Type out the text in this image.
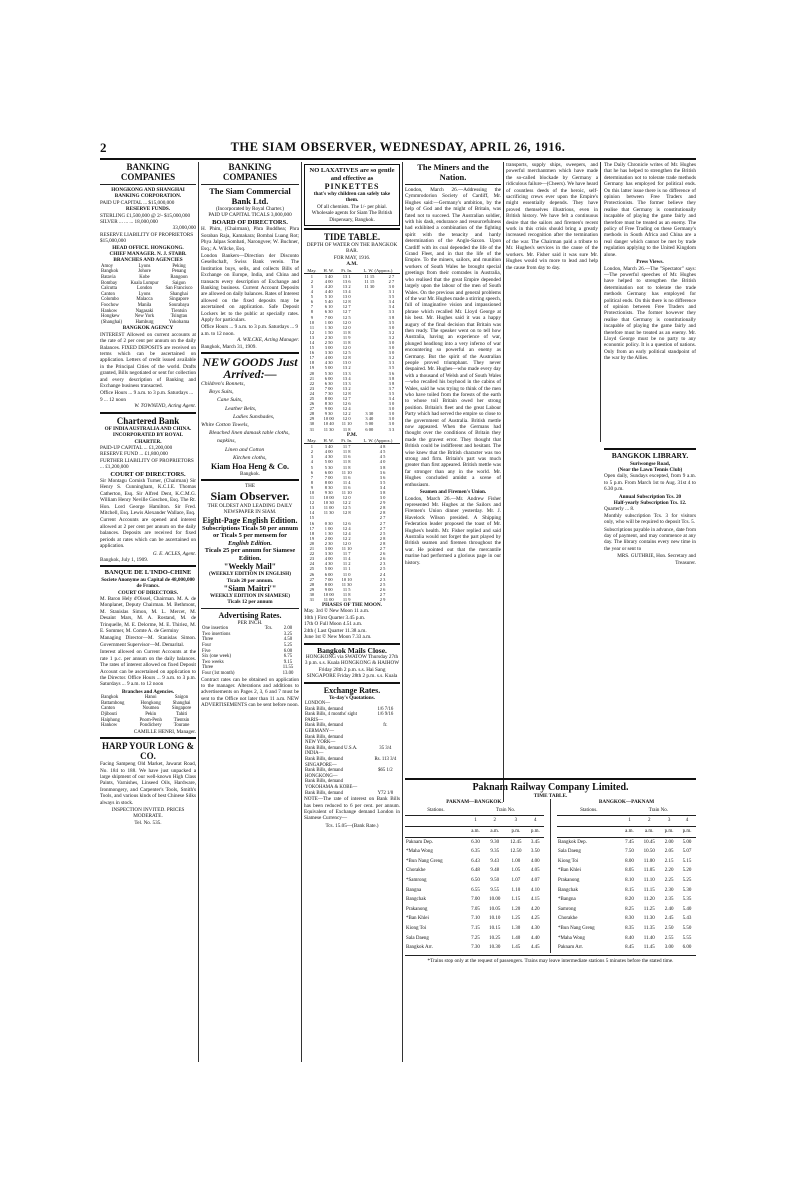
2	THE SIAM OBSERVER, WEDNESDAY, APRIL 26, 1916.
BANKING COMPANIES
HONGKONG AND SHANGHAI BANKING CORPORATION.
PAID UP CAPITAL ... $15,000,000
RESERVE FUNDS.
STERLING £1,500,000 @ 2/- $15,000,000
SILVER ... ... ... 18,000,000
33,000,000
RESERVE LIABILITY OF PROPRIETORS $15,000,000
HEAD OFFICE. HONGKONG.
CHIEF MANAGER. N. J. STABB.
BRANCHES AND AGENCIES
Amoy	Lyons	Peking
Bangkok	Johore	Penang
Batavia	Kobe	Rangoon
Bombay	Kuala Lumpur	Saigon
Calcutta	London	San Francisco
Canton	Lyons	Shanghai
Colombo	Malacca	Singapore
Foochow	Manila	Sourabaya
Hankow	Nagasaki	Tientsin
Hongkew	New York	Tsingtau
(Shanghai)	Hamburg	Yokohama
BANGKOK AGENCY

INTEREST Allowed on current accounts at the rate of 2 per cent per annum on the daily Balances. FIXED DEPOSITS are received on terms which can be ascertained on application. Letters of credit issued available in the Principal Cities of the world. Drafts granted, Bills negotiated or sent for collection and every description of Banking and Exchange business transacted.

Office Hours ... 9 a.m. to 3 p.m. Saturdays ... 9 ... 12 noon
W. TOWNEND, Acting Agent.
Chartered Bank
OF INDIA AUSTRALIA AND CHINA.
INCORPORATED BY ROYAL CHARTER.
PAID-UP CAPITAL ... £1,200,000
RESERVE FUND ... £1,800,000
FURTHER LIABILITY OF PROPRIETORS ... £1,200,000
COURT OF DIRECTORS.

Sir Montagu Cornish Turner, (Chairman) Sir Henry S. Cunningham, K.C.I.E. Thomas Catherton, Esq. Sir Alfred Dent, K.C.M.G. William Henry Neville Goschen, Esq. The Rt. Hon. Lord George Hamilton. Sir Fred. Mitchell, Esq. Lewis Alexander Wallace, Esq.

Current Accounts are opened and interest allowed at 2 per cent per annum on the daily balances. Deposits are received for fixed periods at rates which can be ascertained on application.

G. E. ACLES, Agent.
Bangkok, July 1, 1909.
BANQUE DE L'INDO-CHINE
Societe Anonyme au Capital de 48,000,000 de Francs.
COURT OF DIRECTORS.

M. Baron Hely d'Oissel, Chairman. M. A. de Monplanet, Deputy Chairman. M. Bethmont, M. Stanislas Simon, M. L. Mercet, M. Desaint Mars, M. A. Rostand, M. de Trinquelle, M. E. Delorme, M. E. Thiriez, M. E. Sommer, M. Comte A. de Germiny

Managing Director—M. Stanislas Simon. Government Supervisor—M. Demarital.

Interest allowed on Current Accounts at the rate 1 p.c. per annum on the daily balances. The rates of interest allowed on fixed Deposit Account can be ascertained on application to the Director. Office Hours ... 9 a.m. to 3 p.m. Saturdays ... 9 a.m. to 12 noon

Branches and Agencies.
Bangkok	Hanoi	Saigon
Battambong	Hongkong	Shanghai
Canton	Noumea	Singapore
Djibouti	Pekin	Tahiti
Haiphong	Pnom-Penh	Tientsin
Hankow	Pondichery	Tourane
CAMILLE HENRI, Manager.
HARP YOUR LONG & CO.

Facing Sampeng Old Market, Jawarat Road, No. 184 to 188. We have just unpacked a large shipment of our well-known High Class Paints, Varnishes, Linseed Oils, Hardware, Ironmongery, and Carpenter's Tools, Smith's Tools, and various kinds of best Chinese Silks always in stock.

INSPECTION INVITED. PRICES MODERATE.
Tel. No. 535.
BANKING COMPANIES
The Siam Commercial Bank Ltd.
(Incorporated by Royal Charter.)
PAID UP CAPITAL TICALS 3,000,000
BOARD OF DIRECTORS.

H. Phim, (Chairman), Phra Buddhea; Phra Soraban Raja, Kamakara; Bombai Luang Rot; Phya Jalpas Sombati, Narongvee; W. Buchner, Esq.; A. Wilcke, Esq.

London Bankers—Direction der Disconto Gesellschaft, Swiss Bank verein. The Institution buys, sells, and collects Bills of Exchange on Europe, India, and China and transacts every description of Exchange and Banking business. Current Account Deposits are allowed on daily balances. Rates of Interest allowed on the fixed deposits may be ascertained on application. Safe Deposit Lockers let to the public at specially rates. Apply for particulars.

Office Hours ... 9 a.m. to 3 p.m. Saturdays ... 9 a.m. to 12 noon.
A. WILCKE, Acting Manager.
Bangkok, March 31, 1909.
NEW GOODS Just Arrived:—
Children's Bonnets,
Boys Suits,
Cane Suits,
Leather Belts,
Ladies Sunshades,
White Cotton Towels,
Bleached linen damask table cloths,
napkins,
Linen and Cotton
Kitchen cloths,
Kiam Hoa Heng & Co.
Bangkok.
THE
Siam Observer.
THE OLDEST AND LEADING DAILY NEWSPAPER IN SIAM.
Eight-Page English Edition.
Subscriptions Ticals 50 per annum or Ticals 5 per mensem for
English Edition.
Ticals 25 per annum for Siamese Edition.
"Weekly Mail"
(WEEKLY EDITION IN ENGLISH)
Ticals 20 per annum.
"Siam Maitri'"
WEEKLY EDITION IN SIAMESE)
Ticals 12 per annum
Advertising Rates.
PER INCH.
One insertion	Tcs.	2.00
Two insertions		3.25
Three		4.50
Four		5.25
Five		6.00
Six (one week)		6.75
Two weeks		9.15
Three		11.55
Four (1st month)		13.00

Contract rates can be obtained on application to the manager. Alterations and additions to advertisements on Pages 2, 3, 6 and 7 must be sent to the Office not later than 11 a.m. NEW ADVERTISEMENTS can be sent before noon.

NO LAXATIVES are so gentle and effective as
PINKETTES
that's why children can safely take them.
Of all chemists. The 1/- per phial. Wholesale agents for Siam The British Dispensary, Bangkok.
TIDE TABLE.
DEPTH OF WATER ON THE BANGKOK BAR.
FOR MAY, 1916.
A.M.
May.	H. W.	Ft. In.	L. W. (Approx.)	
1	3 40	13 1	11 15	2 7
2	4 00	13 6	11 15	2 7
3	4 20	13 2	11 30	3 0
4	4 40	13 4		3 1
5	5 10	13 0		3 5
6	5 40	12 8		3 4
7	6 10	12 7		3 4
8	6 30	12 7		3 3
9	7 00	12 5		3 8
10	1 00	12 0		3 5
11	1 30	12 0		3 0
12	1 50	11 8		3 2
13	2 30	11 9		3 2
14	2 50	11 8		3 0
15	3 00	12 0		3 0
16	3 30	12 5		3 0
17	4 00	12 8		3 2
18	4 30	13 0		3 3
19	5 00	13 2		3 5
20	5 30	13 3		3 6
21	6 00	13 4		3 8
22	6 30	13 3		3 8
23	7 00	13 2		3 7
24	7 30	12 8		3 5
25	8 00	12 7		3 4
26	8 30	12 6		3 0
27	9 00	12 4		3 0
28	9 30	12 2	3 30	3 0
29	10 00	12 0	3 40	3 0
30	10 40	11 10	5 00	3 0
31	11 30	11 8	6 00	3 3
P.M.
May.	H. W.	Ft. In.	L. W. (Approx.)	
1	3 40	11 7		4 8
2	4 00	11 8		4 5
3	4 30	11 6		4 5
4	5 00	11 8		4 0
5	5 30	11 8		3 8
6	6 00	11 10		3 6
7	7 00	11 6		3 6
8	8 00	11 4		3 5
9	8 30	11 6		3 4
10	9 30	11 10		3 8
11	10 00	12 0		3 0
12	10 30	12 2		2 9
13	11 00	12 5		2 8
14	11 30	12 8		2 8
15				2 7
16	0 30	12 6		2 7
17	1 00	12 4		2 7
18	1 30	12 4		2 5
19	2 00	12 2		2 8
20	2 30	12 0		2 8
21	3 00	11 10		2 7
22	3 30	11 7		2 6
23	4 00	11 4		2 6
24	4 30	11 2		2 3
25	5 00	11 1		2 5
26	6 00	11 0		2 4
27	7 00	10 10		2 3
28	8 00	11 30		2 5
29	9 00	11 5		2 6
30	10 00	11 8		2 7
31	11 00	11 9		2 9
PHASES OF THE MOON.
May. 3rd © New Moon 11 a.m.
10th ) First Quarter 3.45 p.m.
17th O Full Moon 4.51 a.m.
24th ( Last Quarter 11.38 a.m.
June 1st © New Moon 7.33 a.m.
Bangkok Mails Close.

HONGKONG via SWATOW Thursday 27th 3 p.m. s.s. Kuala HONGKONG & HAIHOW Friday 28th 2 p.m. s.s. Hai Sang SINGAPORE Friday 28th 2 p.m. s.s. Kuala

Exchange Rates.
To-day's Quotations.
LONDON—	
Bank Bills, demand	1/6 7/16
Bank Bills, 4 months' sight	1/6 9/16
PARIS—	
Bank Bills, demand	fr.
GERMANY—	
Bank Bills, demand	
NEW YORK—	
Bank Bills, demand U.S.A.	35 3/4
INDIA—	
Bank Bills, demand	Rs. 113 3/4
SINGAPORE—	
Bank Bills, demand	$65 1/2
HONGKONG—	
Bank Bills, demand	
YOKOHAMA & KOBE—	
Bank Bills, demand	Y72 1/8

NOTE—The rate of interest on Bank Bills has been reduced to 6 per cent. per annum. Equivalent of Exchange demand London in Siamese Currency—

Tcs. 15.05—(Bank Rate.)
The Miners and the Nation.

London, March 26.—Addressing the Cymmrodorion Society of Cardiff, Mr. Hughes said:—Germany's ambition, by the help of God and the might of Britain, was fated not to succeed. The Australian soldier, with his dash, endurance and resourcefulness had exhibited a combination of the fighting spirit with the tenacity and hardy determination of the Anglo-Saxon. Upon Cardiff with its coal depended the life of the Grand Fleet, and in that the life of the Empire. To the miners, sailors, and munition workers of South Wales he brought special greetings from their comrades in Australia, who realised that the great Empire depended largely upon the labour of the men of South Wales. On the previous and general problems of the war Mr. Hughes made a stirring speech, full of imaginative vision and impassioned phrase which recalled Mr. Lloyd George at his best. Mr. Hughes said it was a happy augury of the final decision that Britain was then ready. The speaker went on to tell how Australia, having an experience of war, plunged headlong into a very inferno of war encountering so powerful an enemy as Germany. But the spirit of the Australian people proved triumphant. They never despaired. Mr. Hughes—who made every day with a thousand of Welsh and of South Wales—who recalled his boyhood in the cabins of Wales, said he was trying to think of the men who have toiled from the forests of the earth to whose toil Britain owed her strong position. Britain's fleet and the great Labour Party which had served the empire so close to the government of Australia. British mettle now appeared. When the Germans had thought over the conditions of Britain they made the gravest error. They thought that British could be indifferent and hesitant. The wise knew that the British character was too strong and firm. Britain's part was much greater than first appeared. British mettle was far stronger than any in the world. Mr. Hughes concluded amidst a scene of enthusiasm.

Seamen and Firemen's Union.

London, March 26.—Mr. Andrew Fisher represented Mr. Hughes at the Sailors and Firemen's Union dinner yesterday. Mr. J. Havelock Wilson presided. A Shipping Federation leader proposed the toast of Mr. Hughes's health. Mr. Fisher replied and said Australia would not forget the part played by British seamen and firemen throughout the war. He pointed out that the mercantile marine had performed a glorious page in our history.

transports, supply ships, sweepers, and powerful merchantmen which have made the so-called blockade by Germany a ridiculous failure—(Cheers). We have heard of countless deeds of the heroic, self-sacrificing crews ever upon the Empire's might essentially depends. They have proved themselves illustrious, even in British history. We have felt a continuous desire that the sailors and firemen's recent work in this crisis should bring a greatly increased recognition after the termination of the war. The Chairman paid a tribute to Mr. Hughes's services in the cause of the workers. Mr. Fisher said it was sure Mr. Hughes would win more to lead and help the cause from day to day.

The Daily Chronicle writes of Mr. Hughes that he has helped to strengthen the British determination not to tolerate trade methods Germany has employed for political ends. On this latter issue there is no difference of opinion between Free Traders and Protectionists. The former believe they realise that Germany is constitutionally incapable of playing the game fairly and therefore must be treated as an enemy. The policy of Free Trading on these Germany's methods in South Africa and China are a real danger which cannot be met by trade regulation applying to the United Kingdom alone.

Press Views.

London, March 26.—The "Spectator" says:—The powerful speeches of Mr. Hughes have helped to strengthen the British determination not to tolerate the trade methods Germany has employed for political ends. On this there is no difference of opinion between Free Traders and Protectionists. The former however they realise that Germany is constitutionally incapable of playing the game fairly and therefore must be treated as an enemy. Mr. Lloyd George must be no party to any economic policy. It is a question of nations. Only from an early political standpoint of the war by the Allies.

BANGKOK LIBRARY.
Suriwongse Road,
(Near the Lawn Tennis Club)

Open daily, Sundays excepted, from 9 a.m. to 5 p.m. From March 1st to Aug. 31st 4 to 6.30 p.m.

Annual Subscription Tcs. 20
Half-yearly Subscription Tcs. 12.
Quarterly ... 8.

Monthly subscription Tcs. 3 for visitors only, who will be required to deposit Tcs. 5.

Subscriptions payable in advance, date from day of payment, and may commence at any day. The library contains every new time in the year or sent to

MRS. GUTHRIE, Hon. Secretary and Treasurer.
Paknam Railway Company Limited.
TIME TABLE.
PAKNAM—BANGKOK.
Stations.	Train No.			
	1	2	3	4
	a.m.	a.m.	p.m.	p.m.
Paknam Dep.	6.30	9.30	12.45	3.45
*Maha Wong	6.35	9.35	12.50	3.50
*Bun Nang Greng	6.43	9.43	1.00	4.00
Chorakhe	6.48	9.48	1.05	4.05
*Samrong	6.50	9.50	1.07	4.07
Bangna	6.55	9.55	1.10	4.10
Bangchak	7.00	10.00	1.15	4.15
Prakanong	7.05	10.05	1.20	4.20
*Ban Khlei	7.10	10.10	1.25	4.25
Kiong Toi	7.15	10.15	1.30	4.30
Sala Daeng	7.25	10.25	1.40	4.40
Bangkok Arr.	7.30	10.30	1.45	4.45
BANGKOK—PAKNAM
Stations.	Train No.			
	1	2	3	4
	a.m.	a.m.	p.m.	p.m.
Bangkok Dep.	7.45	10.45	2.00	5.00
Sala Daeng	7.50	10.50	2.05	5.07
Kiong Toi	8.00	11.00	2.15	5.15
*Ban Khlei	8.05	11.05	2.20	5.20
Prakanong	8.10	11.10	2.25	5.25
Bangchak	8.15	11.15	2.30	5.30
*Bangna	8.20	11.20	2.35	5.35
Samrong	8.25	11.25	2.40	5.40
Chorakhe	8.30	11.30	2.45	5.43
*Bun Nang Greng	8.35	11.35	2.50	5.50
*Maha Wong	8.40	11.40	2.55	5.55
Paknam Arr.	8.45	11.45	3.00	6.00
*Trains stop only at the request of passengers. Trains may leave intermediate stations 5 minutes before the stated time.
